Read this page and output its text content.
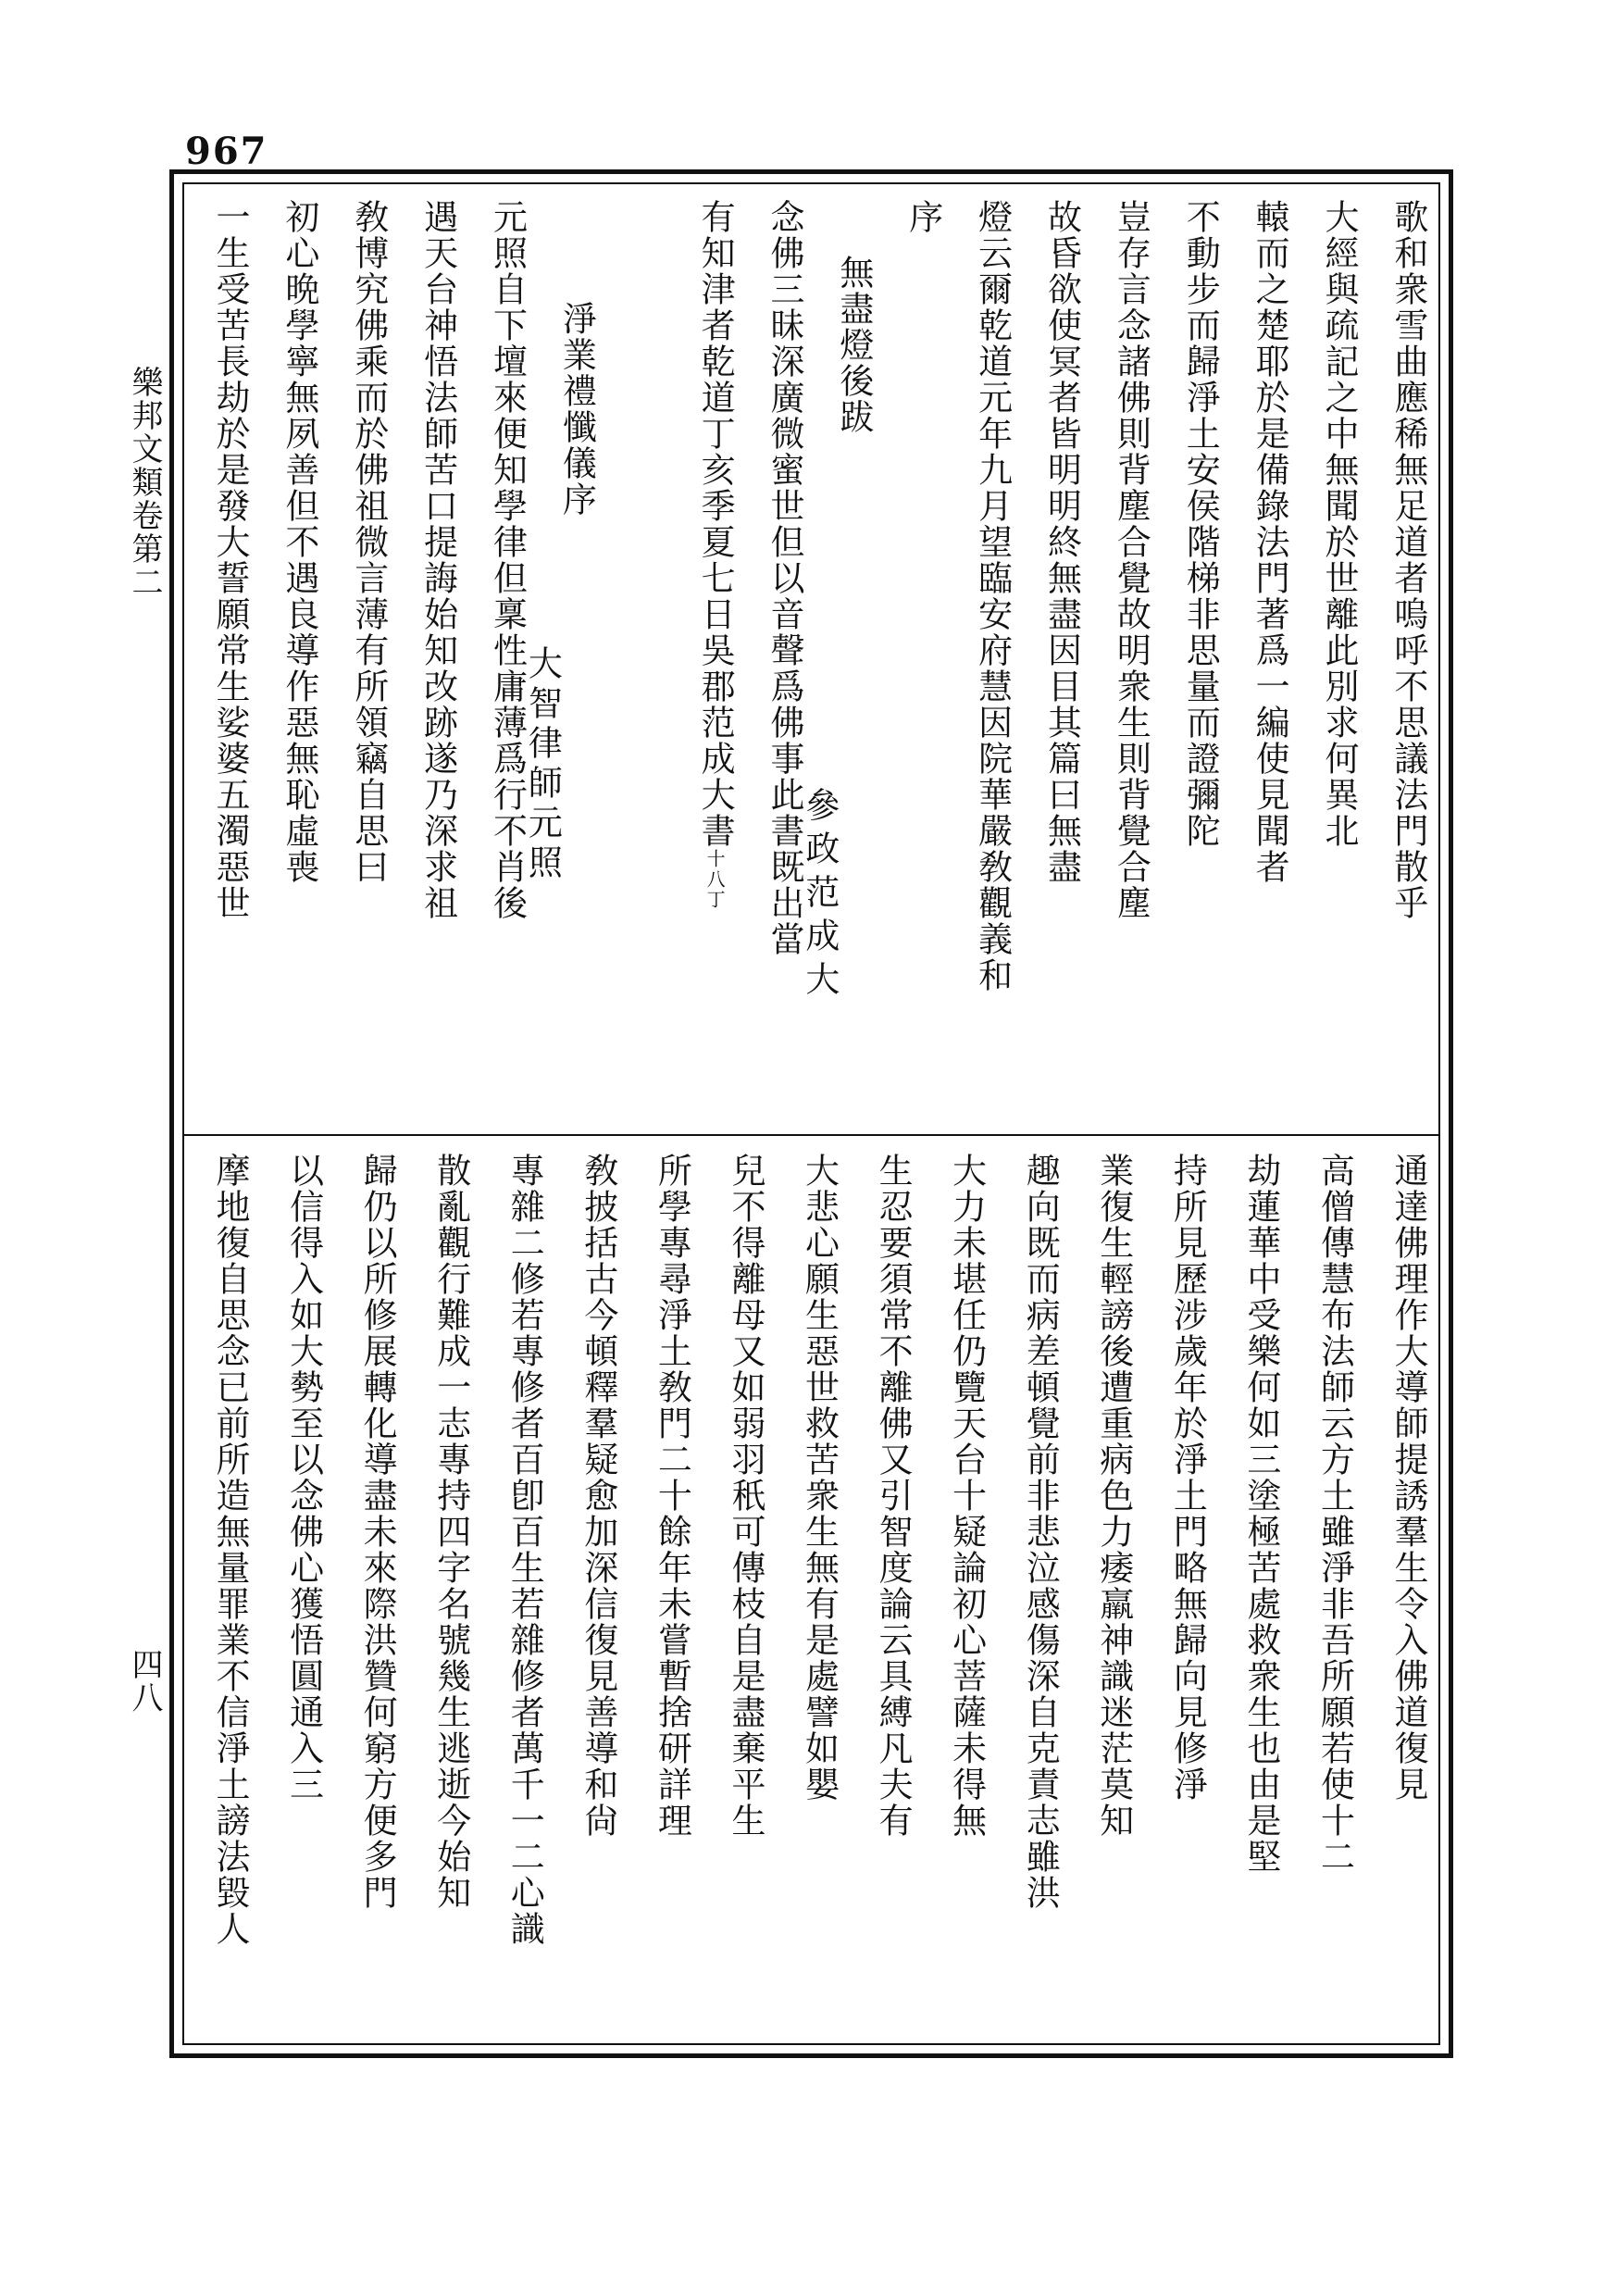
967
樂邦文類卷第二
四八
歌和衆雪曲應稀無足道者嗚呼不思議法門散乎
大經與疏記之中無聞於世離此別求何異北
轅而之楚耶於是備錄法門著爲一編使見聞者
不動步而歸淨土安侯階梯非思量而證彌陀
豈存言念諸佛則背塵合覺故明衆生則背覺合塵
故昏欲使冥者皆明明終無盡因目其篇曰無盡
燈云爾乾道元年九月望臨安府慧因院華嚴敎觀義和
序
無盡燈後跋
參政范成大
念佛三昧深廣微蜜世但以音聲爲佛事此書既出當
有知津者乾道丁亥季夏七日吳郡范成大書十八丁
淨業禮懺儀序
大智律師元照
元照自下壇來便知學律但稟性庸薄爲行不肖後
遇天台神悟法師苦口提誨始知改跡遂乃深求祖
敎博究佛乘而於佛祖微言薄有所領竊自思曰
初心晩學寧無夙善但不遇良導作惡無恥虛喪
一生受苦長劫於是發大誓願常生娑婆五濁惡世
通達佛理作大導師提誘羣生令入佛道復見
高僧傳慧布法師云方土雖淨非吾所願若使十二
劫蓮華中受樂何如三塗極苦處救衆生也由是堅
持所見歷涉歲年於淨土門略無歸向見修淨
業復生輕謗後遭重病色力痿羸神識迷茫莫知
趣向既而病差頓覺前非悲泣感傷深自克責志雖洪
大力未堪任仍覽天台十疑論初心菩薩未得無
生忍要須常不離佛又引智度論云具縛凡夫有
大悲心願生惡世救苦衆生無有是處譬如嬰
兒不得離母又如弱羽秖可傳枝自是盡棄平生
所學專尋淨土敎門二十餘年未嘗暫捨研詳理
敎披括古今頓釋羣疑愈加深信復見善導和尙
專雜二修若專修者百卽百生若雜修者萬千一二心識
散亂觀行難成一志專持四字名號幾生逃逝今始知
歸仍以所修展轉化導盡未來際洪贊何窮方便多門
以信得入如大勢至以念佛心獲悟圓通入三
摩地復自思念已前所造無量罪業不信淨土謗法毀人
